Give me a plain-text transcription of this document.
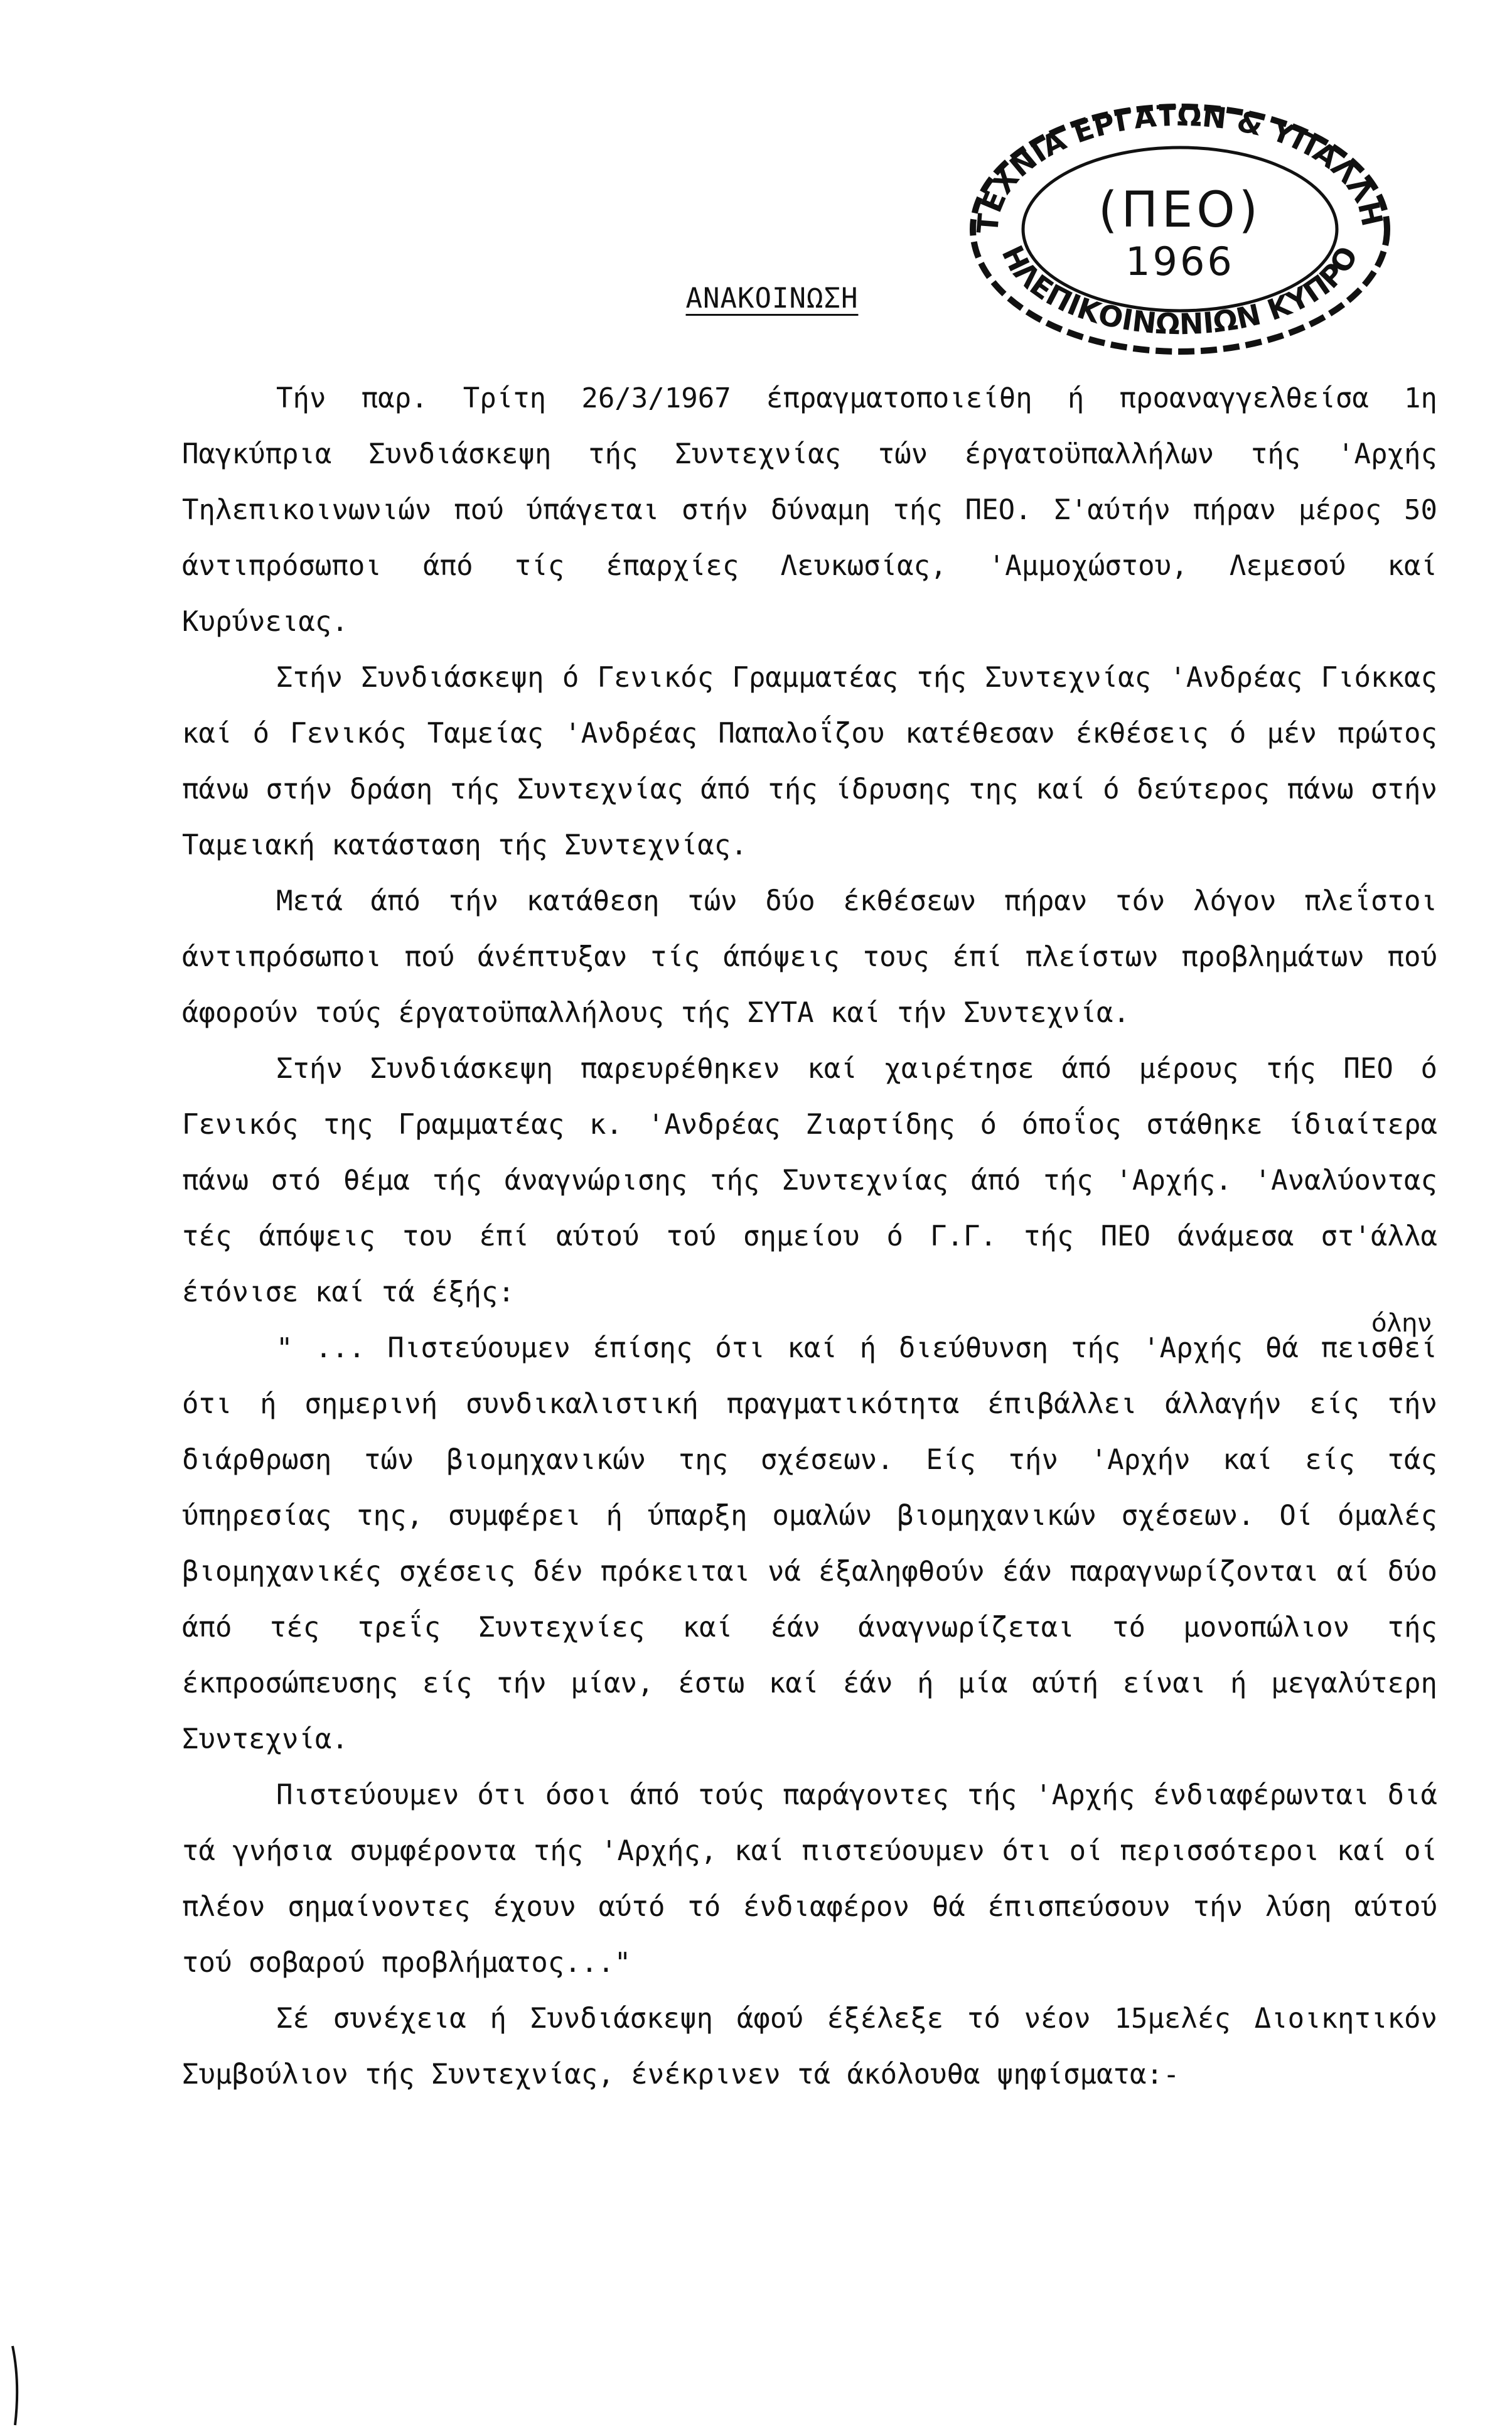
ΤΕΧΝΙΑ ΕΡΓΑΤΩΝ & ΥΠΑΛΛΗ
ΗΛΕΠΙΚΟΙΝΩΝΙΩΝ ΚΥΠΡΟ
(ΠΕΟ)
1966
ΑΝΑΚΟΙΝΩΣΗ
όλην

Τήν παρ. Τρίτη 26/3/1967 έπραγματοποιείθη ή προαναγγελθείσα 1η Παγκύπρια Συνδιάσκεψη τής Συντεχνίας τών έργατοϋπαλλήλων τής 'Αρχής Τηλεπικοινωνιών πού ύπάγεται στήν δύναμη τής ΠΕΟ. Σ'αύτήν πήραν μέρος 50 άντιπρόσωποι άπό τίς έπαρχίες Λευκωσίας, 'Αμμοχώστου, Λεμεσού καί Κυρύνειας.

Στήν Συνδιάσκεψη ό Γενικός Γραμματέας τής Συντεχνίας 'Ανδρέας Γιόκκας καί ό Γενικός Ταμείας 'Ανδρέας Παπαλοΐζου κατέθεσαν έκθέσεις ό μέν πρώτος πάνω στήν δράση τής Συντεχνίας άπό τής ίδρυσης της καί ό δεύτερος πάνω στήν Ταμειακή κατάσταση τής Συντεχνίας.

Μετά άπό τήν κατάθεση τών δύο έκθέσεων πήραν τόν λόγον πλεΐστοι άντιπρόσωποι πού άνέπτυξαν τίς άπόψεις τους έπί πλείστων προβλημάτων πού άφορούν τούς έργατοϋπαλλήλους τής ΣΥΤΑ καί τήν Συντεχνία.

Στήν Συνδιάσκεψη παρευρέθηκεν καί χαιρέτησε άπό μέρους τής ΠΕΟ ό Γενικός της Γραμματέας κ. 'Ανδρέας Ζιαρτίδης ό όποΐος στάθηκε ίδιαίτερα πάνω στό θέμα τής άναγνώρισης τής Συντεχνίας άπό τής 'Αρχής. 'Αναλύοντας τές άπόψεις του έπί αύτού τού σημείου ό Γ.Γ. τής ΠΕΟ άνάμεσα στ'άλλα έτόνισε καί τά έξής:

" ... Πιστεύουμεν έπίσης ότι καί ή διεύθυνση τής 'Αρχής θά πεισθεί ότι ή σημερινή συνδικαλιστική πραγματικότητα έπιβάλλει άλλαγήν είς τήν διάρθρωση τών βιομηχανικών της σχέσεων. Είς τήν 'Αρχήν καί είς τάς ύπηρεσίας της, συμφέρει ή ύπαρξη ομαλών βιομηχανικών σχέσεων. Οί όμαλές βιομηχανικές σχέσεις δέν πρόκειται νά έξαληφθούν έάν παραγνωρίζονται αί δύο άπό τές τρεΐς Συντεχνίες καί έάν άναγνωρίζεται τό μονοπώλιον τής έκπροσώπευσης είς τήν μίαν, έστω καί έάν ή μία αύτή είναι ή μεγαλύτερη Συντεχνία.

Πιστεύουμεν ότι όσοι άπό τούς παράγοντες τής 'Αρχής ένδιαφέρωνται διά τά γνήσια συμφέροντα τής 'Αρχής, καί πιστεύουμεν ότι οί περισσότεροι καί οί πλέον σημαίνοντες έχουν αύτό τό ένδιαφέρον θά έπισπεύσουν τήν λύση αύτού τού σοβαρού προβλήματος..."

Σέ συνέχεια ή Συνδιάσκεψη άφού έξέλεξε τό νέον 15μελές Διοικητικόν Συμβούλιον τής Συντεχνίας, ένέκρινεν τά άκόλουθα ψηφίσματα:-
